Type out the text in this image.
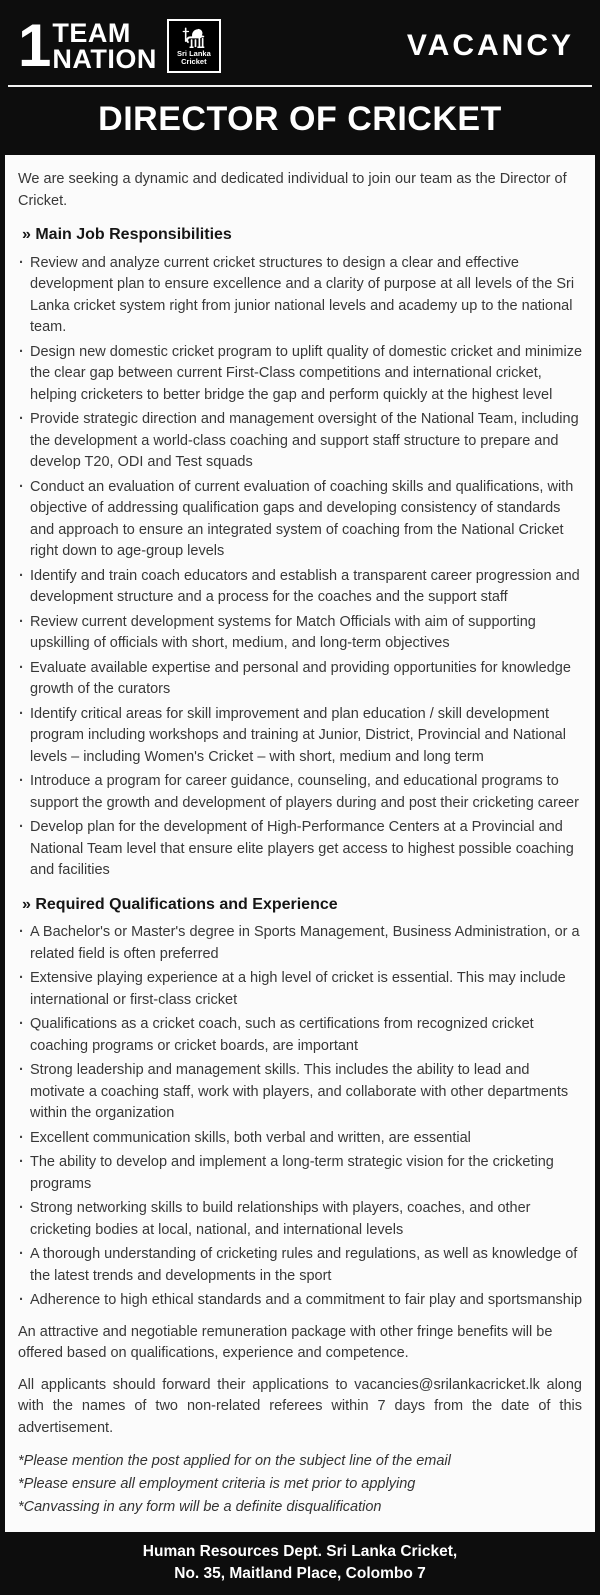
1 TEAM
NATION	Sri Lanka
Cricket	VACANCY
DIRECTOR OF CRICKET

We are seeking a dynamic and dedicated individual to join our team as the Director of Cricket.

» Main Job Responsibilities
· Review and analyze current cricket structures to design a clear and effective development plan to ensure excellence and a clarity of purpose at all levels of the Sri Lanka cricket system right from junior national levels and academy up to the national team.
· Design new domestic cricket program to uplift quality of domestic cricket and minimize the clear gap between current First-Class competitions and international cricket, helping cricketers to better bridge the gap and perform quickly at the highest level
· Provide strategic direction and management oversight of the National Team, including the development a world-class coaching and support staff structure to prepare and develop T20, ODI and Test squads
· Conduct an evaluation of current evaluation of coaching skills and qualifications, with objective of addressing qualification gaps and developing consistency of standards and approach to ensure an integrated system of coaching from the National Cricket right down to age-group levels
· Identify and train coach educators and establish a transparent career progression and development structure and a process for the coaches and the support staff
· Review current development systems for Match Officials with aim of supporting upskilling of officials with short, medium, and long-term objectives
· Evaluate available expertise and personal and providing opportunities for knowledge growth of the curators
· Identify critical areas for skill improvement and plan education / skill development program including workshops and training at Junior, District, Provincial and National levels – including Women's Cricket – with short, medium and long term
· Introduce a program for career guidance, counseling, and educational programs to support the growth and development of players during and post their cricketing career
· Develop plan for the development of High-Performance Centers at a Provincial and National Team level that ensure elite players get access to highest possible coaching and facilities
» Required Qualifications and Experience
· A Bachelor's or Master's degree in Sports Management, Business Administration, or a related field is often preferred
· Extensive playing experience at a high level of cricket is essential. This may include international or first-class cricket
· Qualifications as a cricket coach, such as certifications from recognized cricket coaching programs or cricket boards, are important
· Strong leadership and management skills. This includes the ability to lead and motivate a coaching staff, work with players, and collaborate with other departments within the organization
· Excellent communication skills, both verbal and written, are essential
· The ability to develop and implement a long-term strategic vision for the cricketing programs
· Strong networking skills to build relationships with players, coaches, and other cricketing bodies at local, national, and international levels
· A thorough understanding of cricketing rules and regulations, as well as knowledge of the latest trends and developments in the sport
· Adherence to high ethical standards and a commitment to fair play and sportsmanship

An attractive and negotiable remuneration package with other fringe benefits will be offered based on qualifications, experience and competence.

All applicants should forward their applications to vacancies@srilankacricket.lk along with the names of two non-related referees within 7 days from the date of this advertisement.

*Please mention the post applied for on the subject line of the email
*Please ensure all employment criteria is met prior to applying
*Canvassing in any form will be a definite disqualification
Human Resources Dept. Sri Lanka Cricket,
No. 35, Maitland Place, Colombo 7
